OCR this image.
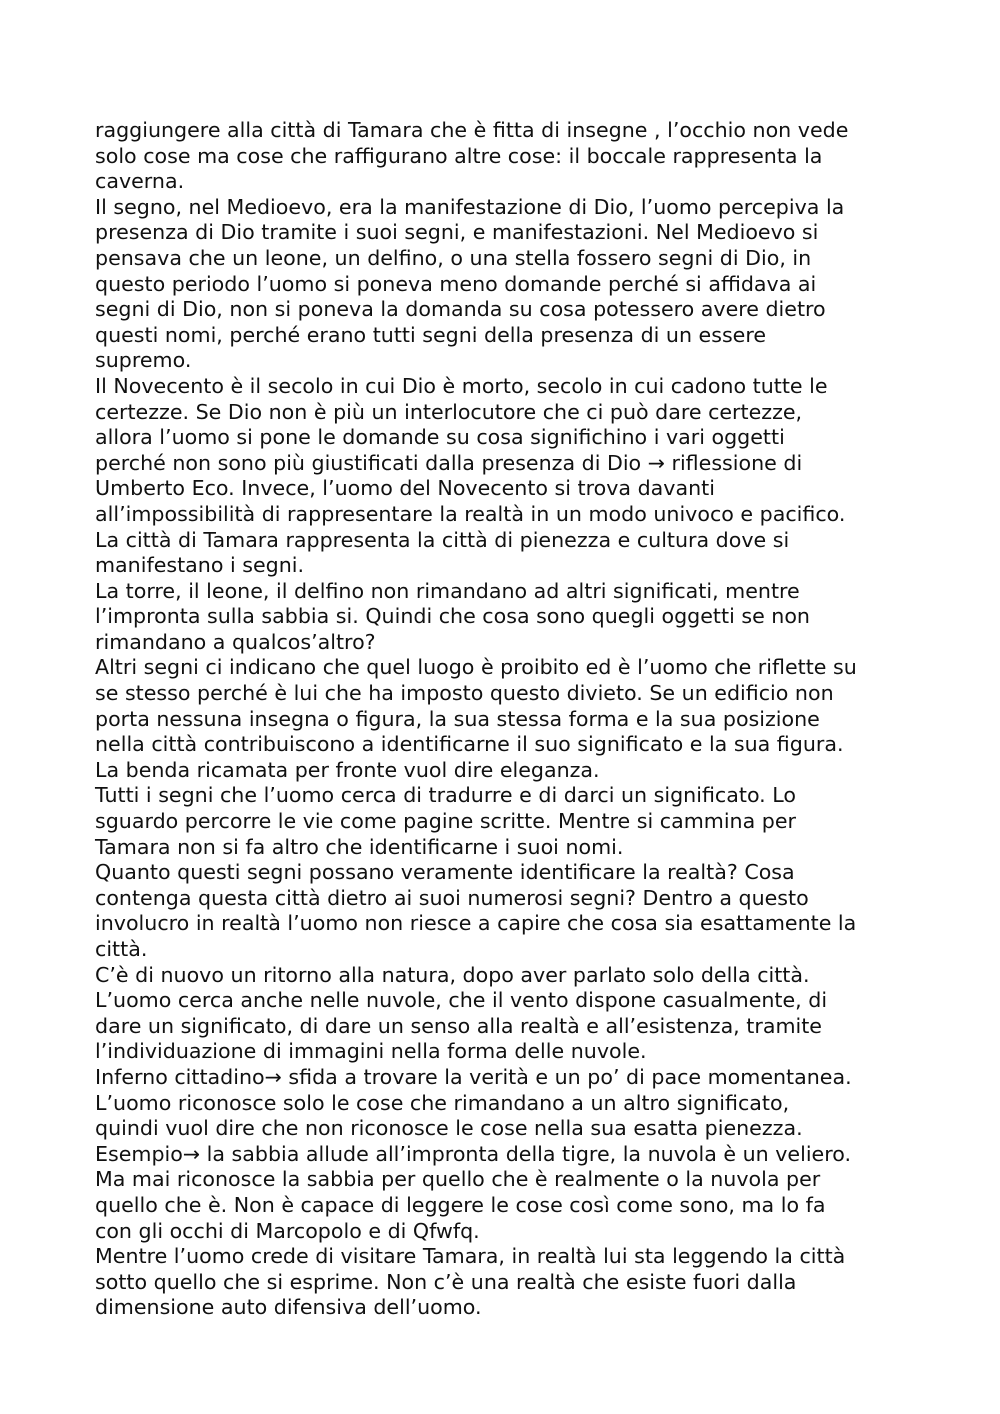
raggiungere alla città di Tamara che è fitta di insegne , l’occhio non vede
solo cose ma cose che raffigurano altre cose: il boccale rappresenta la
caverna.
Il segno, nel Medioevo, era la manifestazione di Dio, l’uomo percepiva la
presenza di Dio tramite i suoi segni, e manifestazioni. Nel Medioevo si
pensava che un leone, un delfino, o una stella fossero segni di Dio, in
questo periodo l’uomo si poneva meno domande perché si affidava ai
segni di Dio, non si poneva la domanda su cosa potessero avere dietro
questi nomi, perché erano tutti segni della presenza di un essere
supremo.
Il Novecento è il secolo in cui Dio è morto, secolo in cui cadono tutte le
certezze. Se Dio non è più un interlocutore che ci può dare certezze,
allora l’uomo si pone le domande su cosa significhino i vari oggetti
perché non sono più giustificati dalla presenza di Dio → riflessione di
Umberto Eco. Invece, l’uomo del Novecento si trova davanti
all’impossibilità di rappresentare la realtà in un modo univoco e pacifico.
La città di Tamara rappresenta la città di pienezza e cultura dove si
manifestano i segni.
La torre, il leone, il delfino non rimandano ad altri significati, mentre
l’impronta sulla sabbia si. Quindi che cosa sono quegli oggetti se non
rimandano a qualcos’altro?
Altri segni ci indicano che quel luogo è proibito ed è l’uomo che riflette su
se stesso perché è lui che ha imposto questo divieto. Se un edificio non
porta nessuna insegna o figura, la sua stessa forma e la sua posizione
nella città contribuiscono a identificarne il suo significato e la sua figura.
La benda ricamata per fronte vuol dire eleganza.
Tutti i segni che l’uomo cerca di tradurre e di darci un significato. Lo
sguardo percorre le vie come pagine scritte. Mentre si cammina per
Tamara non si fa altro che identificarne i suoi nomi.
Quanto questi segni possano veramente identificare la realtà? Cosa
contenga questa città dietro ai suoi numerosi segni? Dentro a questo
involucro in realtà l’uomo non riesce a capire che cosa sia esattamente la
città.
C’è di nuovo un ritorno alla natura, dopo aver parlato solo della città.
L’uomo cerca anche nelle nuvole, che il vento dispone casualmente, di
dare un significato, di dare un senso alla realtà e all’esistenza, tramite
l’individuazione di immagini nella forma delle nuvole.
Inferno cittadino→ sfida a trovare la verità e un po’ di pace momentanea.
L’uomo riconosce solo le cose che rimandano a un altro significato,
quindi vuol dire che non riconosce le cose nella sua esatta pienezza.
Esempio→ la sabbia allude all’impronta della tigre, la nuvola è un veliero.
Ma mai riconosce la sabbia per quello che è realmente o la nuvola per
quello che è. Non è capace di leggere le cose così come sono, ma lo fa
con gli occhi di Marcopolo e di Qfwfq.
Mentre l’uomo crede di visitare Tamara, in realtà lui sta leggendo la città
sotto quello che si esprime. Non c’è una realtà che esiste fuori dalla
dimensione auto difensiva dell’uomo.
